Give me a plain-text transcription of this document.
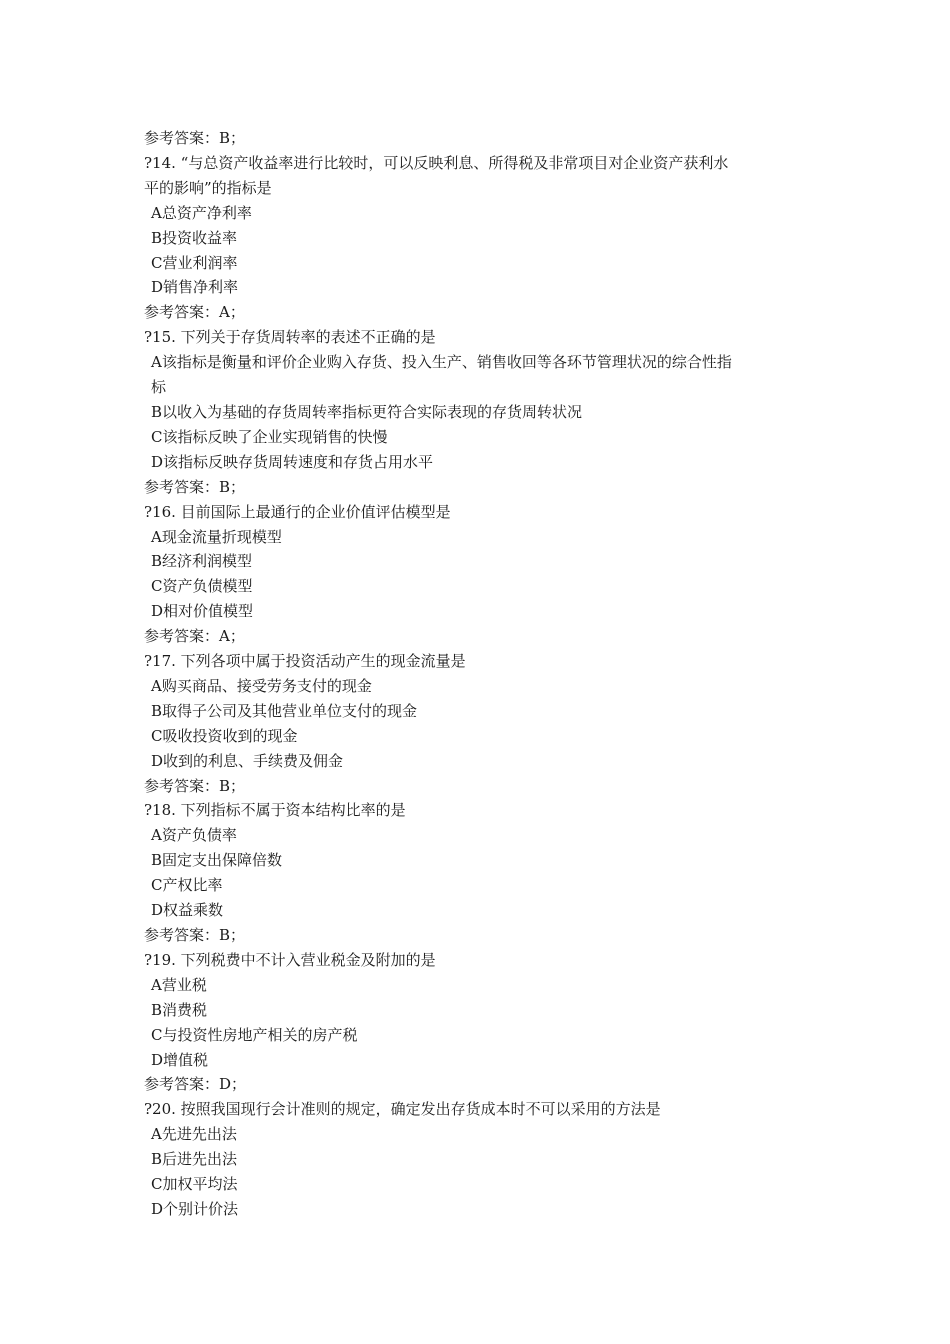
参考答案：B；
?14. “与总资产收益率进行比较时，可以反映利息、所得税及非常项目对企业资产获利水
平的影响”的指标是
A总资产净利率
B投资收益率
C营业利润率
D销售净利率
参考答案：A；
?15. 下列关于存货周转率的表述不正确的是
A该指标是衡量和评价企业购入存货、投入生产、销售收回等各环节管理状况的综合性指
标
B以收入为基础的存货周转率指标更符合实际表现的存货周转状况
C该指标反映了企业实现销售的快慢
D该指标反映存货周转速度和存货占用水平
参考答案：B；
?16. 目前国际上最通行的企业价值评估模型是
A现金流量折现模型
B经济利润模型
C资产负债模型
D相对价值模型
参考答案：A；
?17. 下列各项中属于投资活动产生的现金流量是
A购买商品、接受劳务支付的现金
B取得子公司及其他营业单位支付的现金
C吸收投资收到的现金
D收到的利息、手续费及佣金
参考答案：B；
?18. 下列指标不属于资本结构比率的是
A资产负债率
B固定支出保障倍数
C产权比率
D权益乘数
参考答案：B；
?19. 下列税费中不计入营业税金及附加的是
A营业税
B消费税
C与投资性房地产相关的房产税
D增值税
参考答案：D；
?20. 按照我国现行会计准则的规定，确定发出存货成本时不可以采用的方法是
A先进先出法
B后进先出法
C加权平均法
D个别计价法
